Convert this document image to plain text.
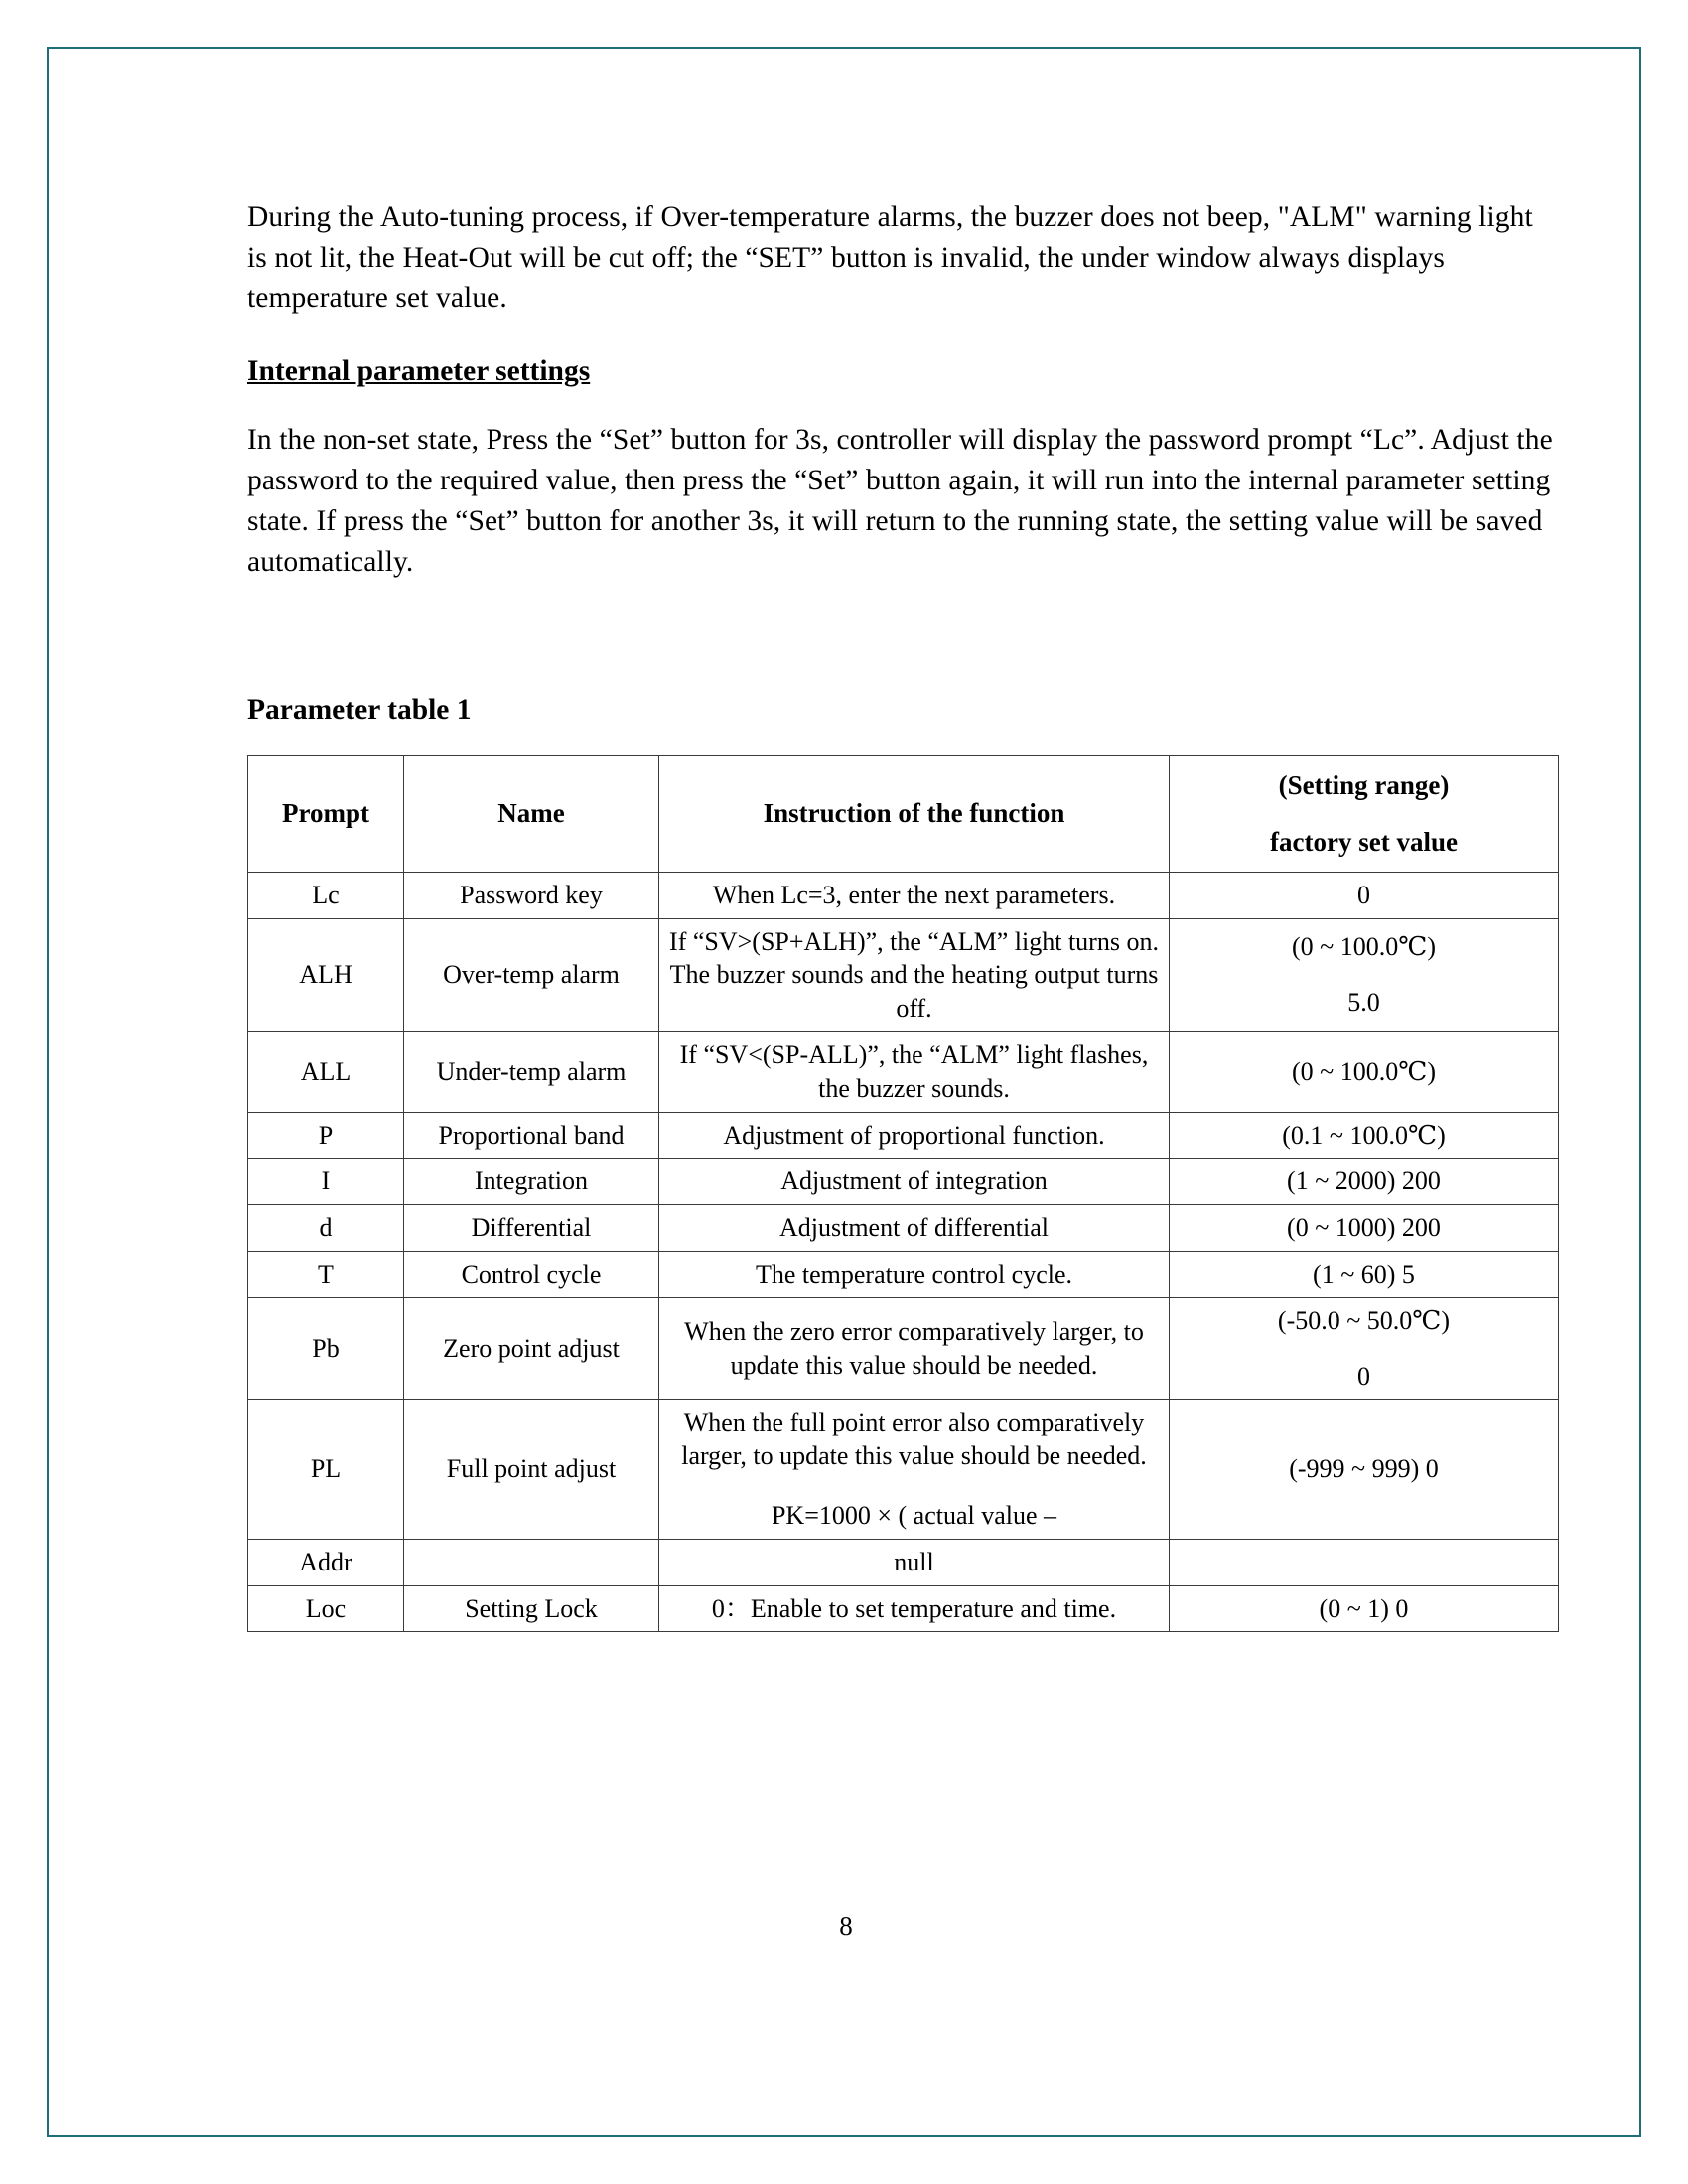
During the Auto-tuning process, if Over-temperature alarms, the buzzer does not beep, "ALM" warning light is not lit, the Heat-Out will be cut off; the “SET” button is invalid, the under window always displays temperature set value.

Internal parameter settings

In the non-set state, Press the “Set” button for 3s, controller will display the password prompt “Lc”. Adjust the password to the required value, then press the “Set” button again, it will run into the internal parameter setting state. If press the “Set” button for another 3s, it will return to the running state, the setting value will be saved automatically.

Parameter table 1
Prompt	Name	Instruction of the function	(Setting range)
factory set value

Lc	Password key	When Lc=3, enter the next parameters.	0

ALH	Over-temp alarm	If “SV>(SP+ALH)”, the “ALM” light turns on. The buzzer sounds and the heating output turns off.	(0 ~ 100.0℃)
5.0

ALL	Under-temp alarm	If “SV<(SP-ALL)”, the “ALM” light flashes, the buzzer sounds.	(0 ~ 100.0℃)

P	Proportional band	Adjustment of proportional function.	(0.1 ~ 100.0℃)

I	Integration	Adjustment of integration	(1 ~ 2000) 200

d	Differential	Adjustment of differential	(0 ~ 1000) 200

T	Control cycle	The temperature control cycle.	(1 ~ 60) 5

Pb	Zero point adjust	When the zero error comparatively larger, to update this value should be needed.	(-50.0 ~ 50.0℃)
0

PL	Full point adjust	When the full point error also comparatively larger, to update this value should be needed.
PK=1000 × ( actual value –	(-999 ~ 999) 0

Addr		null	
Loc	Setting Lock	0：Enable to set temperature and time.	(0 ~ 1) 0
8
